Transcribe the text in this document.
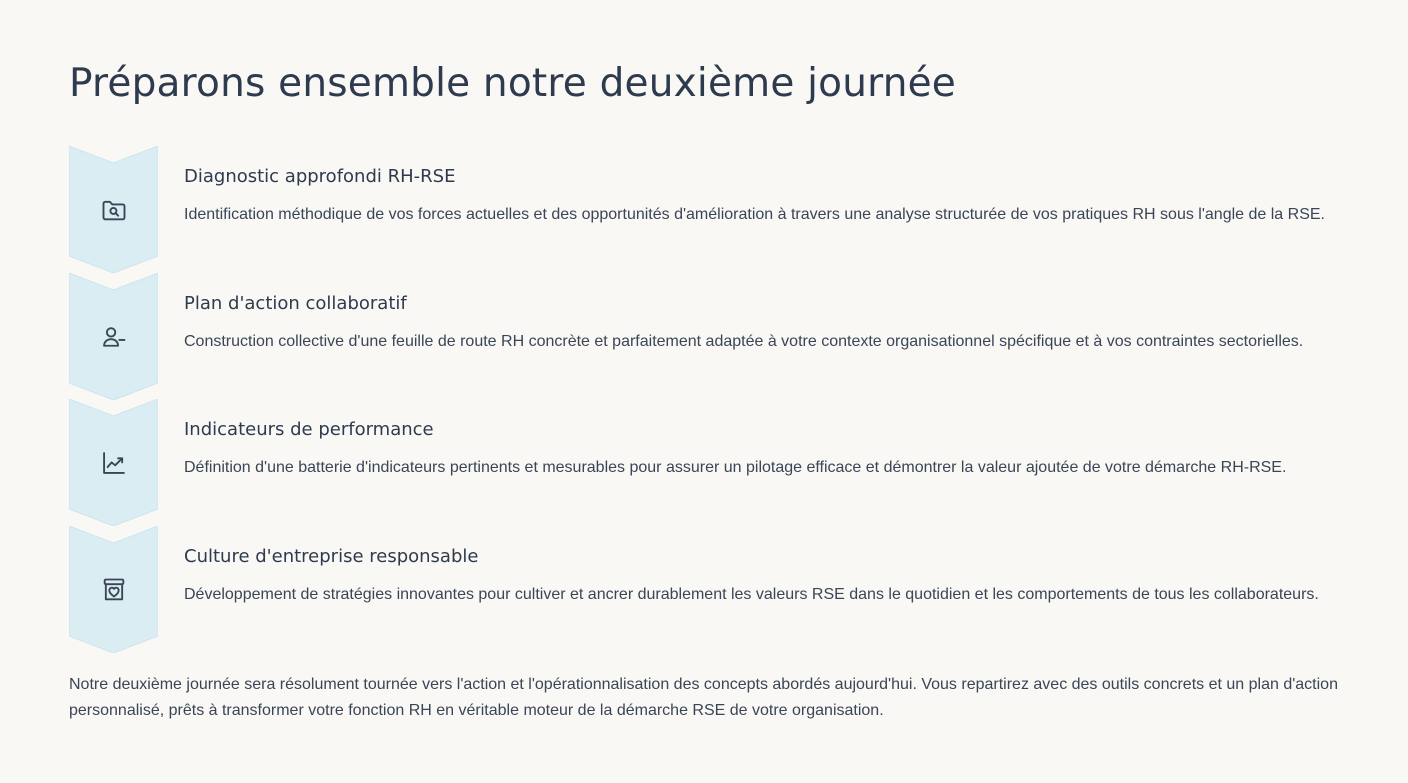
Préparons ensemble notre deuxième journée
Diagnostic approfondi RH-RSE

Identification méthodique de vos forces actuelles et des opportunités d'amélioration à travers une analyse structurée de vos pratiques RH sous l'angle de la RSE.

Plan d'action collaboratif

Construction collective d'une feuille de route RH concrète et parfaitement adaptée à votre contexte organisationnel spécifique et à vos contraintes sectorielles.

Indicateurs de performance

Définition d'une batterie d'indicateurs pertinents et mesurables pour assurer un pilotage efficace et démontrer la valeur ajoutée de votre démarche RH-RSE.

Culture d'entreprise responsable

Développement de stratégies innovantes pour cultiver et ancrer durablement les valeurs RSE dans le quotidien et les comportements de tous les collaborateurs.

Notre deuxième journée sera résolument tournée vers l'action et l'opérationnalisation des concepts abordés aujourd'hui. Vous repartirez avec des outils concrets et un plan d'action personnalisé, prêts à transformer votre fonction RH en véritable moteur de la démarche RSE de votre organisation.
